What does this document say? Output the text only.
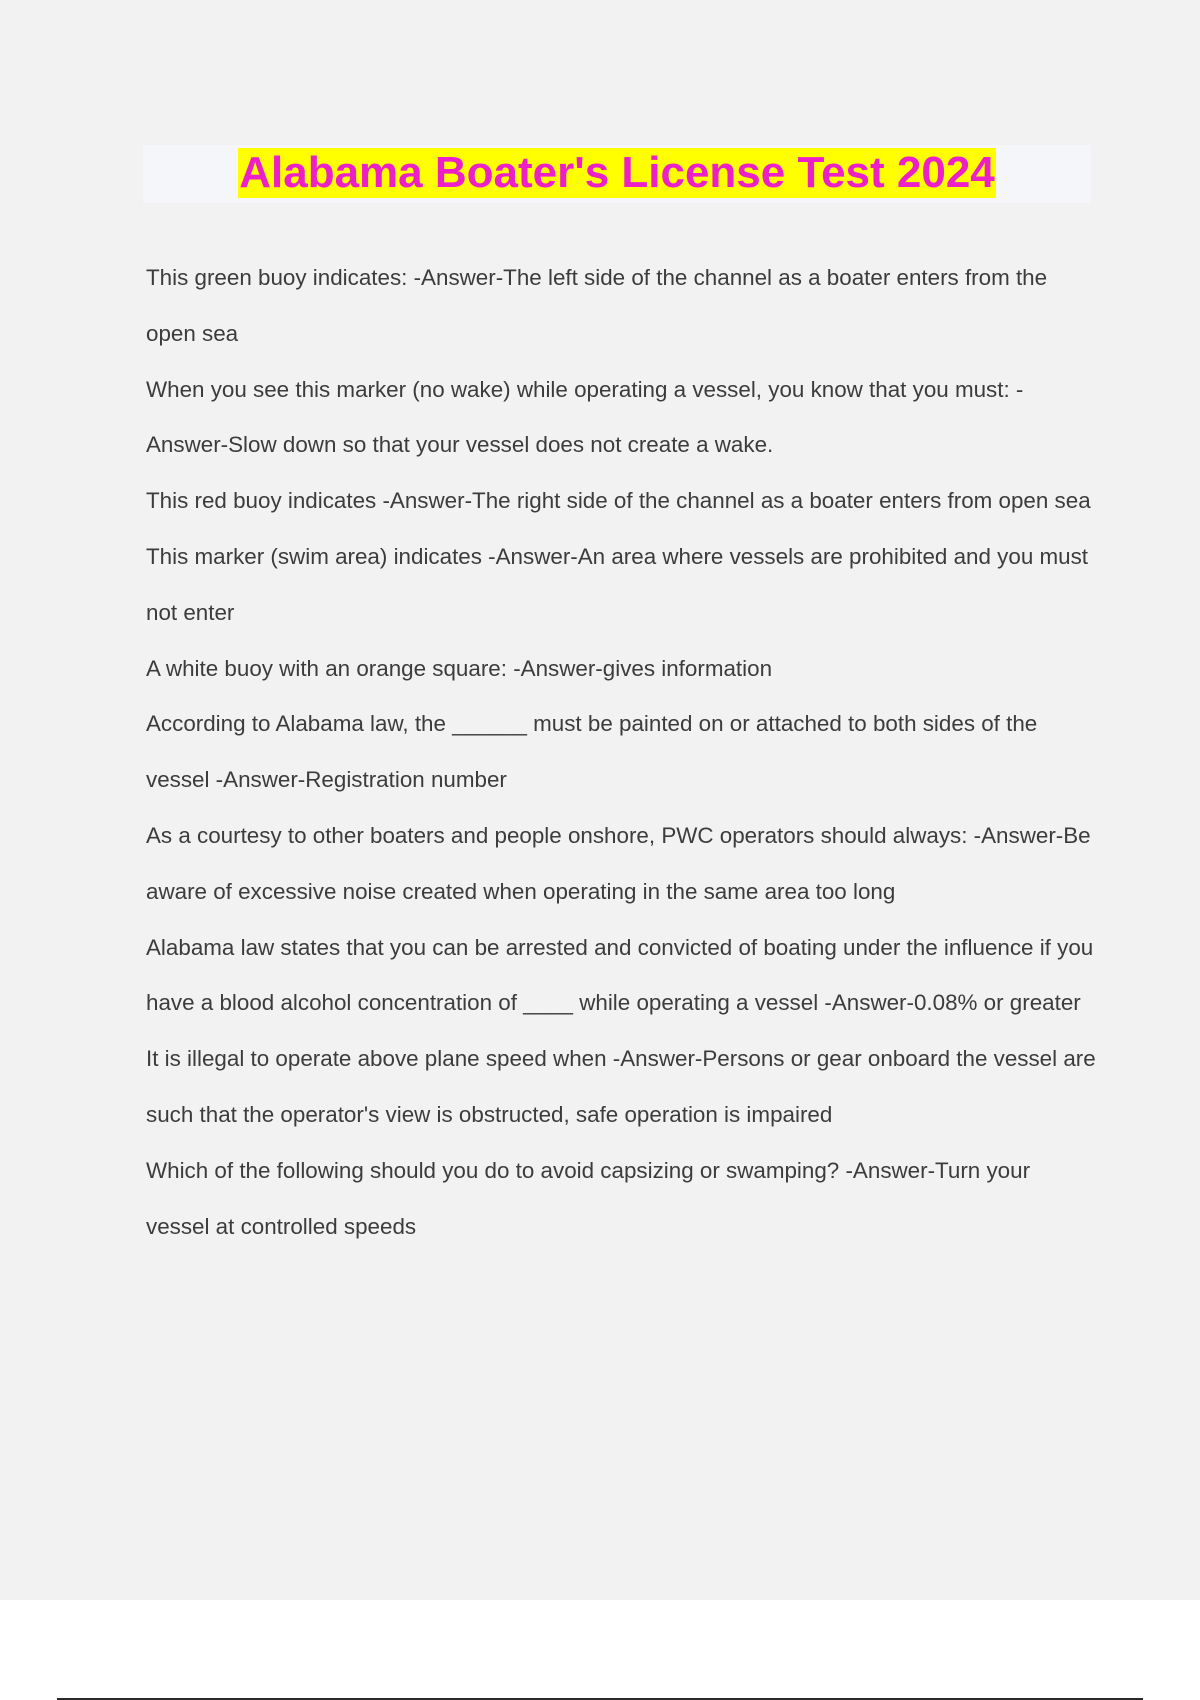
Alabama Boater's License Test 2024

This green buoy indicates: -Answer-The left side of the channel as a boater enters from the open sea

When you see this marker (no wake) while operating a vessel, you know that you must: -Answer-Slow down so that your vessel does not create a wake.

This red buoy indicates -Answer-The right side of the channel as a boater enters from open sea

This marker (swim area) indicates -Answer-An area where vessels are prohibited and you must not enter

A white buoy with an orange square: -Answer-gives information

According to Alabama law, the ______ must be painted on or attached to both sides of the vessel -Answer-Registration number

As a courtesy to other boaters and people onshore, PWC operators should always: -Answer-Be aware of excessive noise created when operating in the same area too long

Alabama law states that you can be arrested and convicted of boating under the influence if you have a blood alcohol concentration of ____ while operating a vessel -Answer-0.08% or greater

It is illegal to operate above plane speed when -Answer-Persons or gear onboard the vessel are such that the operator's view is obstructed, safe operation is impaired

Which of the following should you do to avoid capsizing or swamping? -Answer-Turn your vessel at controlled speeds
